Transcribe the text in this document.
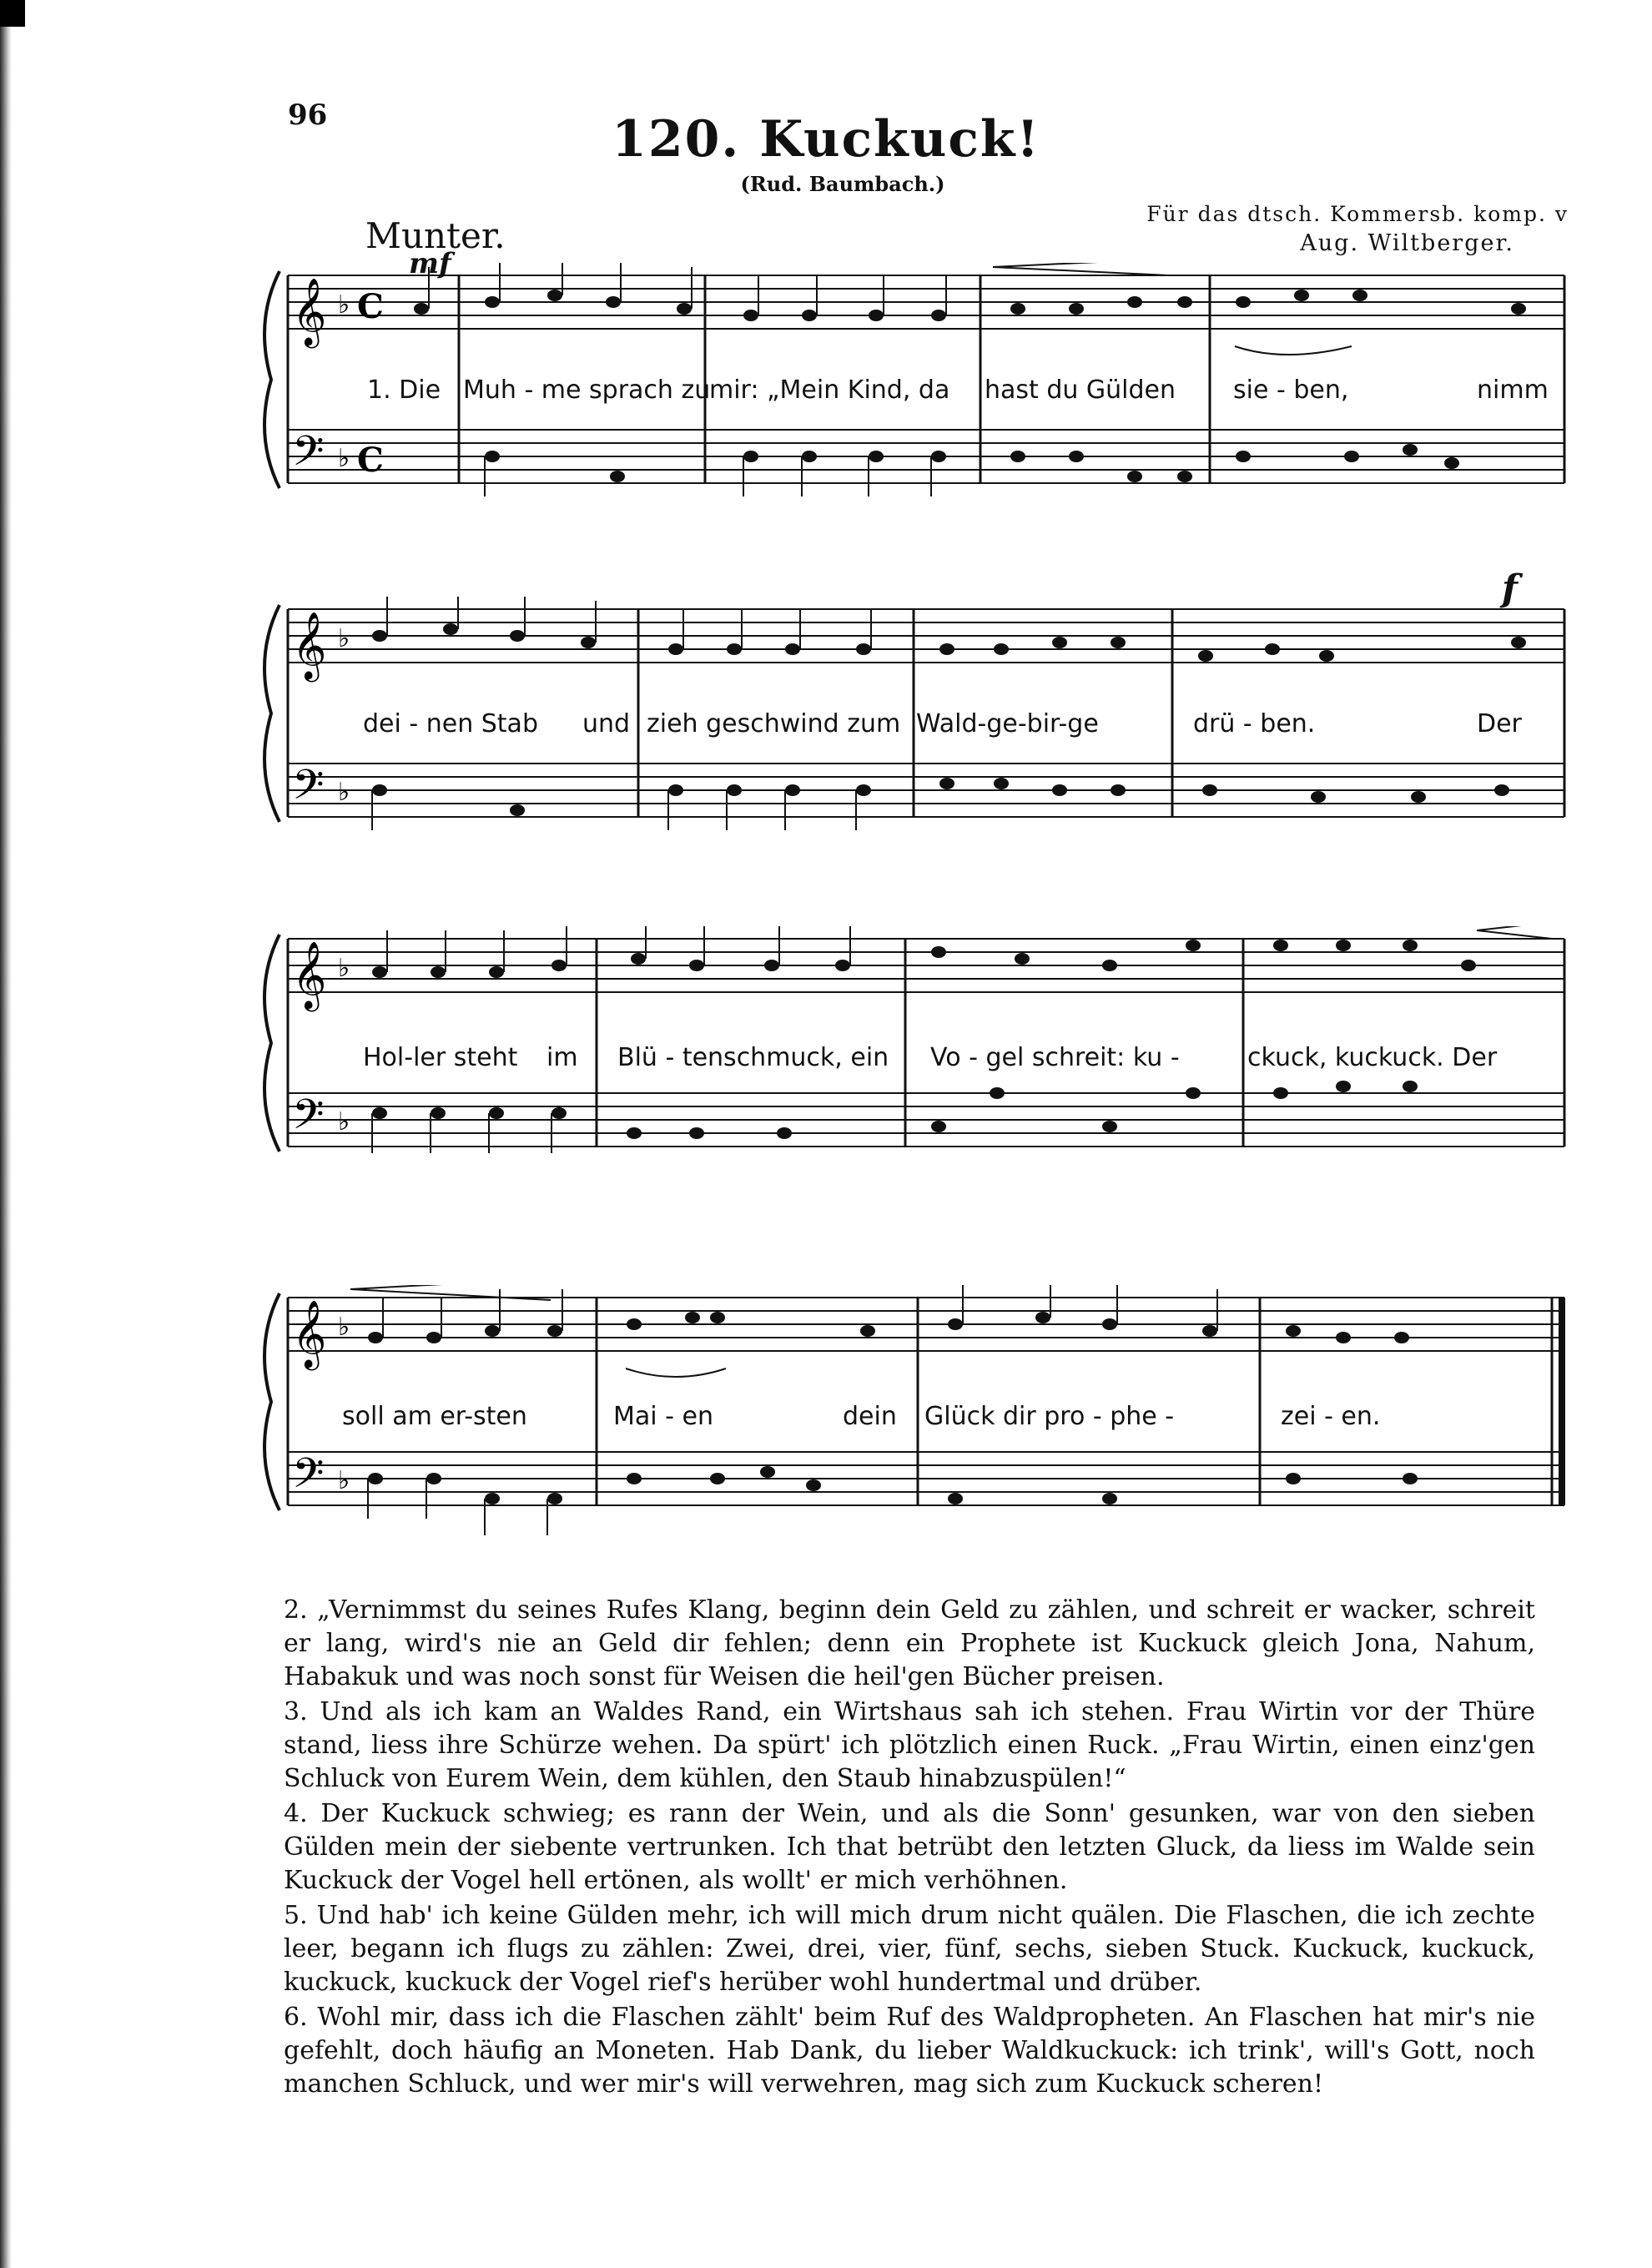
96	120. Kuckuck!
(Rud. Baumbach.)
Für das dtsch. Kommersb. komp. v
Aug. Wiltberger.
Munter.
mf
f
𝄞
𝄢
♭
♭
C
C
1. Die Muh - me sprach zu
mir: „Mein Kind, da hast du Gülden sie - ben,	nimm
𝄞
𝄢
♭
♭
dei - nen Stab und zieh geschwind zum Wald-ge-bir-ge	drü - ben.	Der
𝄞
𝄢
♭
♭
Hol-ler steht im Blü - tenschmuck, ein Vo - gel schreit: ku -	ckuck, kuckuck. Der
𝄞
𝄢
♭
♭
soll am er-sten	Mai - en	dein Glück dir pro - phe -	zei - en.

2. „Vernimmst du seines Rufes Klang, beginn dein Geld zu zählen, und schreit er wacker, schreit er lang, wird's nie an Geld dir fehlen; denn ein Prophete ist Kuckuck gleich Jona, Nahum, Habakuk und was noch sonst für Weisen die heil'gen Bücher preisen.

3. Und als ich kam an Waldes Rand, ein Wirtshaus sah ich stehen. Frau Wirtin vor der Thüre stand, liess ihre Schürze wehen. Da spürt' ich plötzlich einen Ruck. „Frau Wirtin, einen einz'gen Schluck von Eurem Wein, dem kühlen, den Staub hinabzuspülen!“

4. Der Kuckuck schwieg; es rann der Wein, und als die Sonn' gesunken, war von den sieben Gülden mein der siebente vertrunken. Ich that betrübt den letzten Gluck, da liess im Walde sein Kuckuck der Vogel hell ertönen, als wollt' er mich verhöhnen.

5. Und hab' ich keine Gülden mehr, ich will mich drum nicht quälen. Die Flaschen, die ich zechte leer, begann ich flugs zu zählen: Zwei, drei, vier, fünf, sechs, sieben Stuck. Kuckuck, kuckuck, kuckuck, kuckuck der Vogel rief's herüber wohl hundertmal und drüber.

6. Wohl mir, dass ich die Flaschen zählt' beim Ruf des Waldpropheten. An Flaschen hat mir's nie gefehlt, doch häufig an Moneten. Hab Dank, du lieber Waldkuckuck: ich trink', will's Gott, noch manchen Schluck, und wer mir's will verwehren, mag sich zum Kuckuck scheren!
